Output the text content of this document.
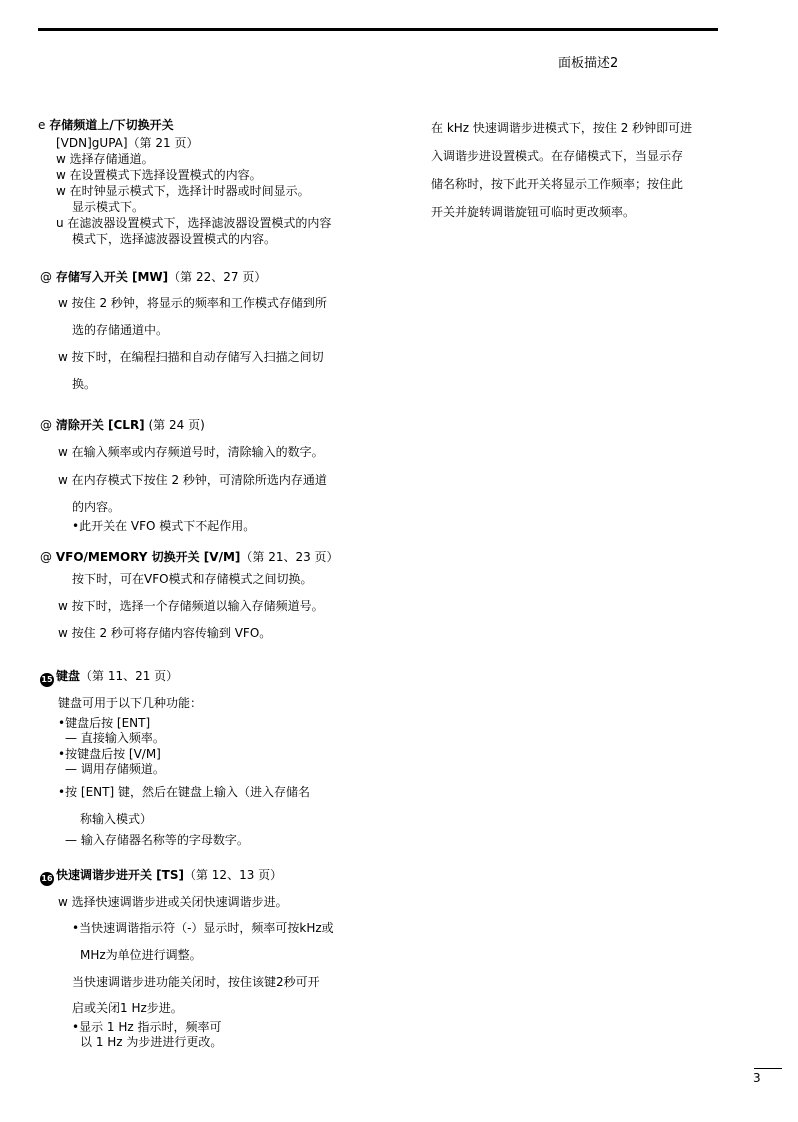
面板描述2
e 存储频道上/下切换开关
[VDN]gUPA]（第 21 页）
w 选择存储通道。
w 在设置模式下选择设置模式的内容。
w 在时钟显示模式下，选择计时器或时间显示。
显示模式下。
u 在滤波器设置模式下，选择滤波器设置模式的内容
模式下，选择滤波器设置模式的内容。
@ 存储写入开关 [MW]（第 22、27 页）
w 按住 2 秒钟，将显示的频率和工作模式存储到所
选的存储通道中。
w 按下时，在编程扫描和自动存储写入扫描之间切
换。
@ 清除开关 [CLR] (第 24 页)
w 在输入频率或内存频道号时，清除输入的数字。
w 在内存模式下按住 2 秒钟，可清除所选内存通道
的内容。
•此开关在 VFO 模式下不起作用。
@ VFO/MEMORY 切换开关 [V/M]（第 21、23 页）
按下时，可在VFO模式和存储模式之间切换。
w 按下时，选择一个存储频道以输入存储频道号。
w 按住 2 秒可将存储内容传输到 VFO。
15 键盘（第 11、21 页）
键盘可用于以下几种功能：
•键盘后按 [ENT]
— 直接输入频率。
•按键盘后按 [V/M]
— 调用存储频道。
•按 [ENT] 键，然后在键盘上输入（进入存储名
称输入模式）
— 输入存储器名称等的字母数字。
16 快速调谐步进开关 [TS]（第 12、13 页）
w 选择快速调谐步进或关闭快速调谐步进。
•当快速调谐指示符（-）显示时，频率可按kHz或
MHz为单位进行调整。
当快速调谐步进功能关闭时，按住该键2秒可开
启或关闭1 Hz步进。
•显示 1 Hz 指示时，频率可
以 1 Hz 为步进进行更改。
在 kHz 快速调谐步进模式下，按住 2 秒钟即可进
入调谐步进设置模式。在存储模式下，当显示存
储名称时，按下此开关将显示工作频率；按住此
开关并旋转调谐旋钮可临时更改频率。
3
